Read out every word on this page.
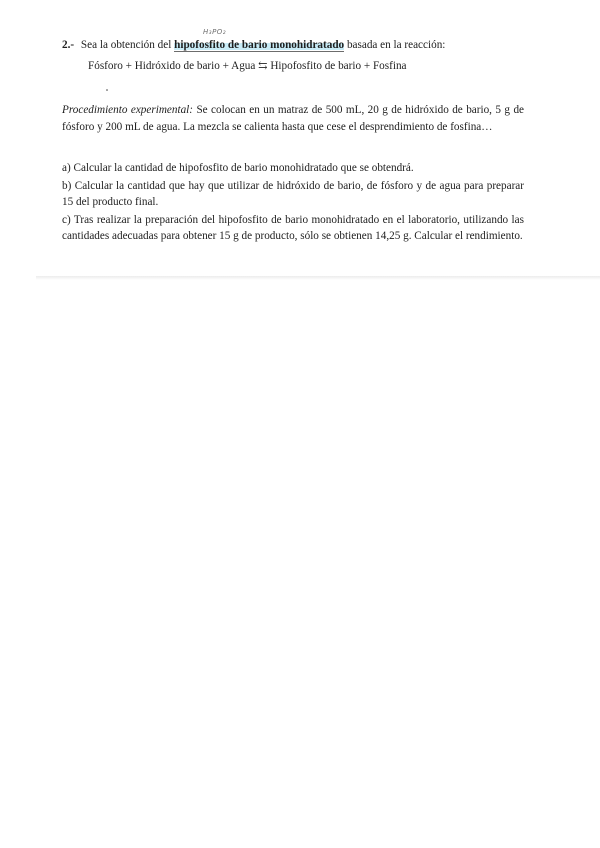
H₃PO₂

2.- Sea la obtención del hipofosfito de bario monohidratado basada en la reacción:

Fósforo + Hidróxido de bario + Agua ⇆ Hipofosfito de bario + Fosfina

Procedimiento experimental: Se colocan en un matraz de 500 mL, 20 g de hidróxido de bario, 5 g de fósforo y 200 mL de agua. La mezcla se calienta hasta que cese el desprendimiento de fosfina…

a) Calcular la cantidad de hipofosfito de bario monohidratado que se obtendrá.

b) Calcular la cantidad que hay que utilizar de hidróxido de bario, de fósforo y de agua para preparar 15 del producto final.

c) Tras realizar la preparación del hipofosfito de bario monohidratado en el laboratorio, utilizando las cantidades adecuadas para obtener 15 g de producto, sólo se obtienen 14,25 g. Calcular el rendimiento.
